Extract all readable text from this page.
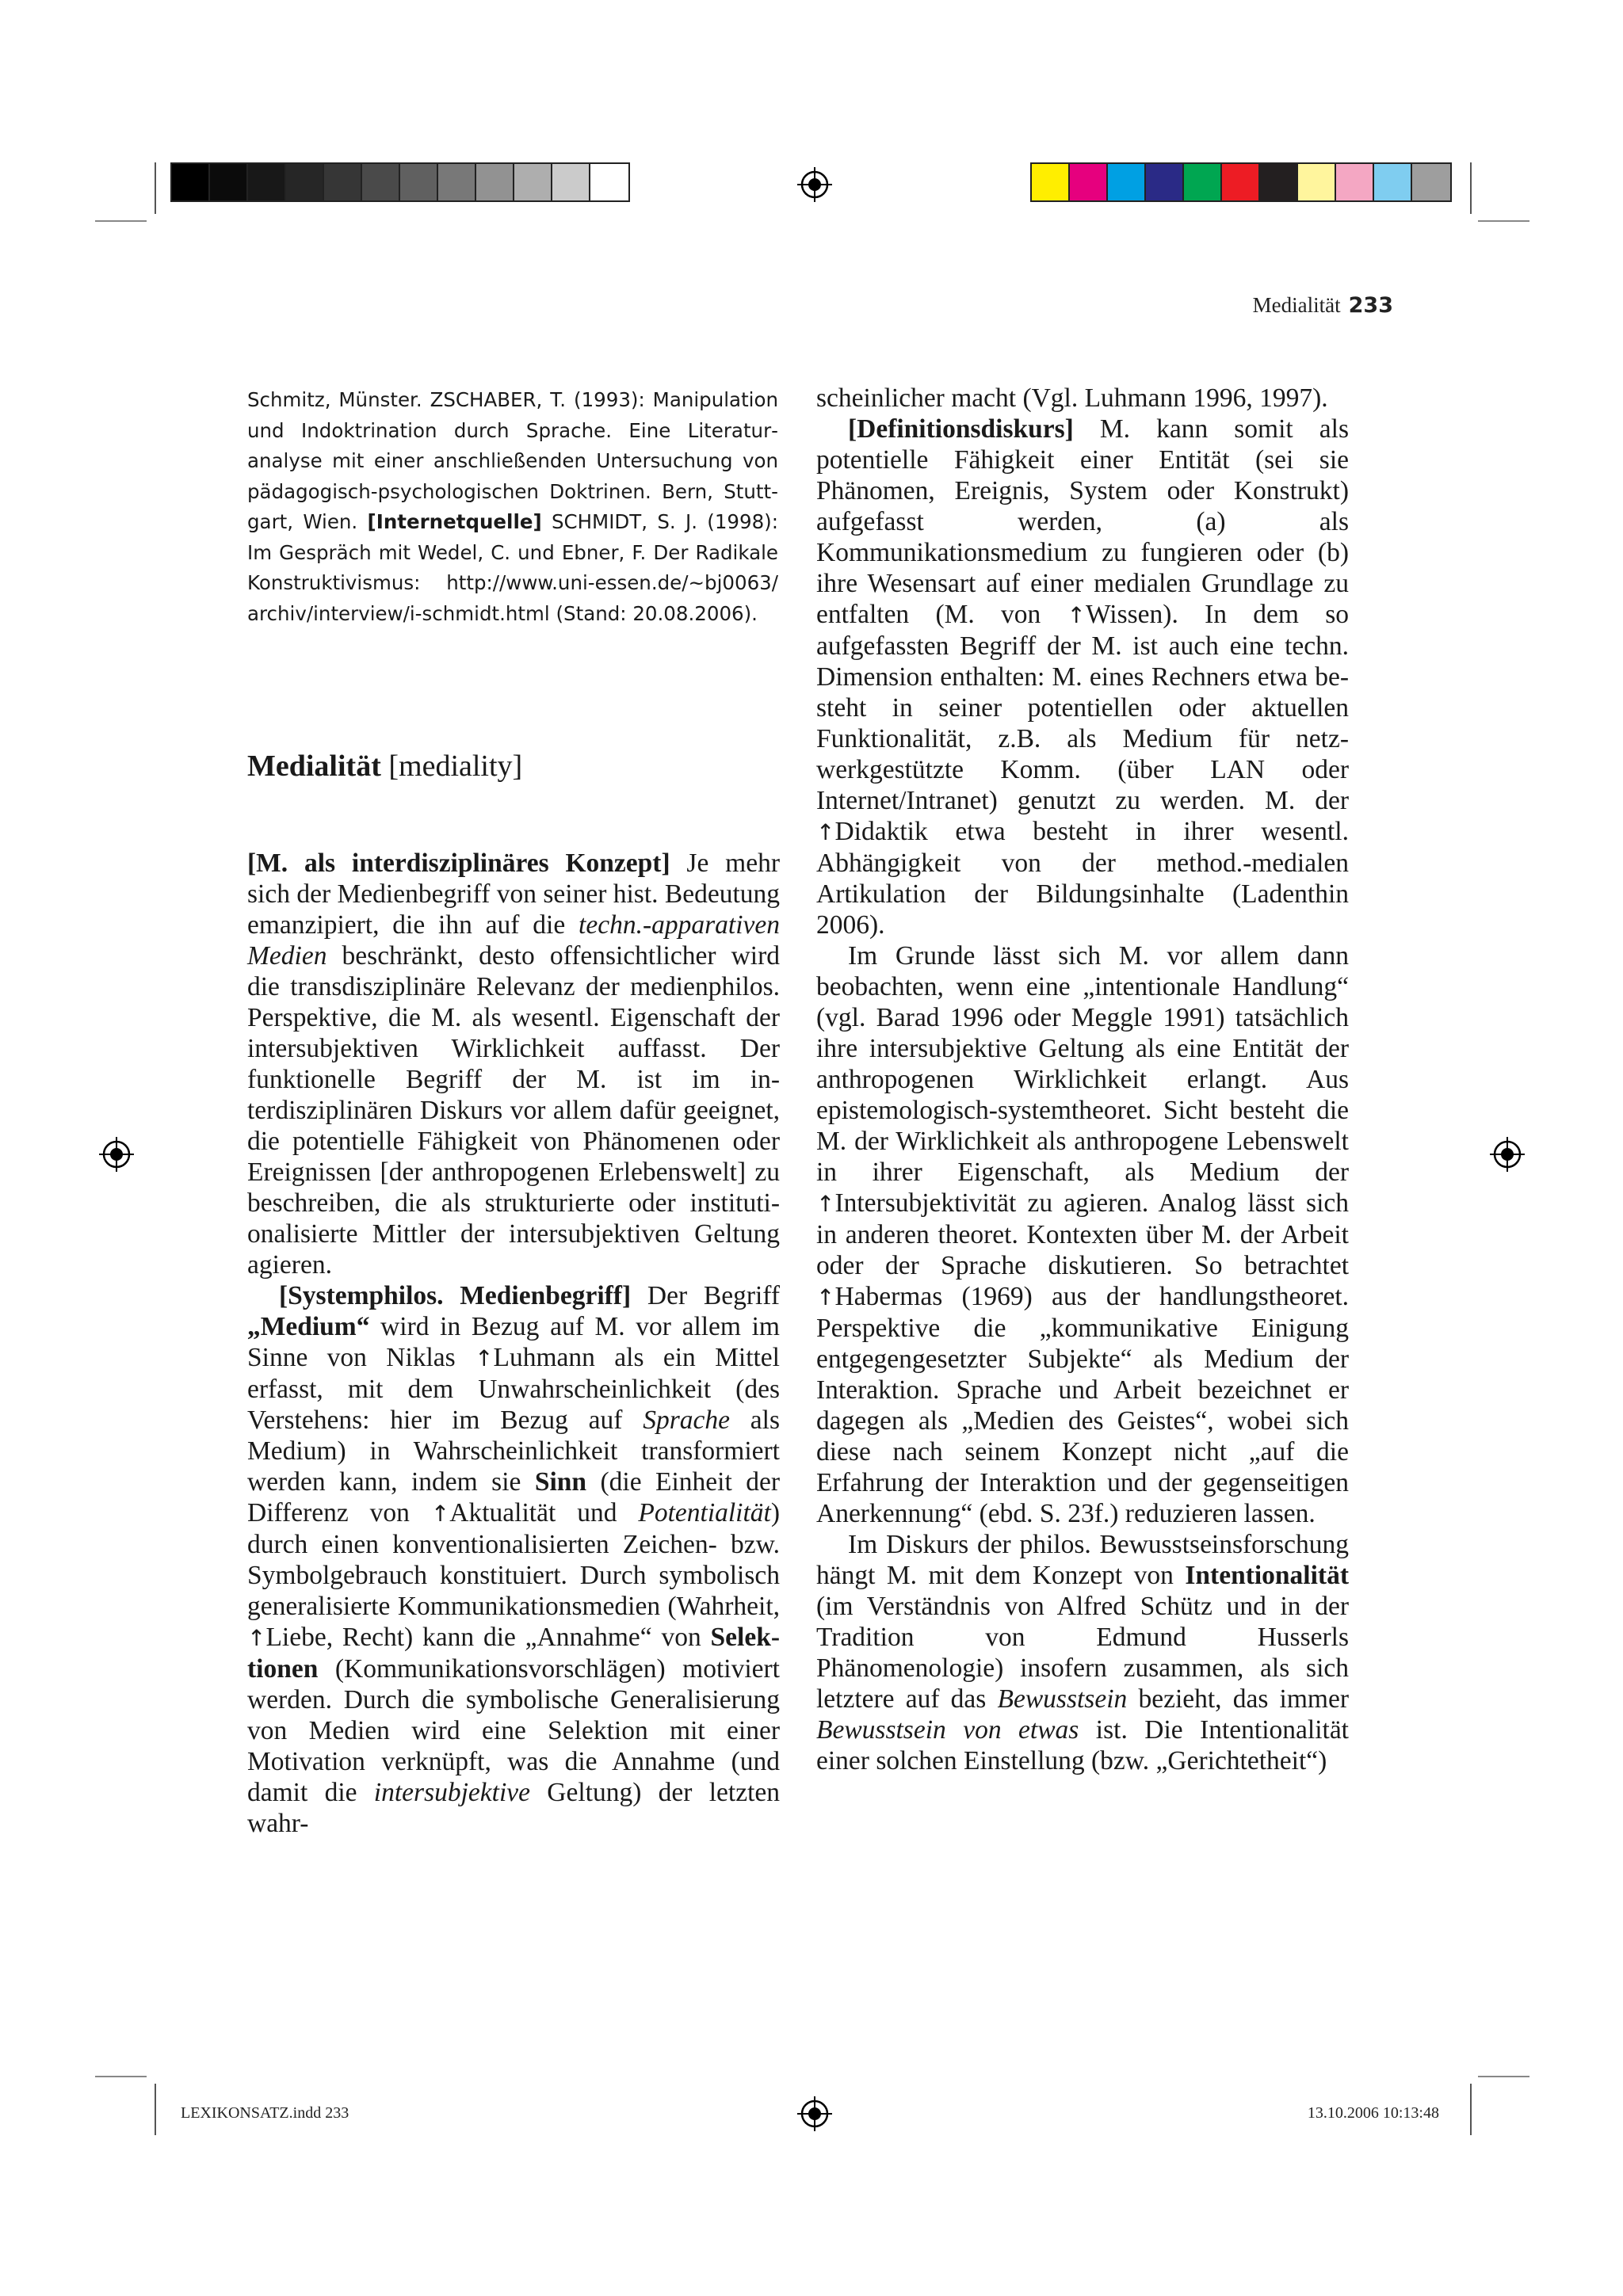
Medialität 233
Schmitz, Münster. ZSCHABER, T. (1993): Manipulation und Indoktrination durch Sprache. Eine Literaturanalyse mit einer anschließenden Untersuchung von pädagogisch-psychologischen Doktrinen. Bern, Stuttgart, Wien. [Internetquelle] SCHMIDT, S. J. (1998): Im Gespräch mit Wedel, C. und Ebner, F. Der Radikale Konstruktivismus: http://www.uni-essen.de/~bj0063/ archiv/interview/i-schmidt.html (Stand: 20.08.2006).
Medialität [mediality]

[M. als interdisziplinäres Konzept] Je mehr sich der Medienbegriff von seiner hist. Bedeutung emanzipiert, die ihn auf die techn.-apparativen Medien beschränkt, desto offensichtlicher wird die transdisziplinäre Relevanz der medienphilos. Perspektive, die M. als wesentl. Eigenschaft der intersubjektiven Wirklichkeit auffasst. Der funktionelle Begriff der M. ist im interdisziplinären Diskurs vor allem dafür geeignet, die potentielle Fähigkeit von Phänomenen oder Ereignissen [der anthropogenen Erlebenswelt] zu beschreiben, die als strukturierte oder institutionalisierte Mittler der intersubjektiven Geltung agieren.

[Systemphilos. Medienbegriff] Der Begriff „Medium“ wird in Bezug auf M. vor allem im Sinne von Niklas ↑Luhmann als ein Mittel erfasst, mit dem Unwahrscheinlichkeit (des Verstehens: hier im Bezug auf Sprache als Medium) in Wahrscheinlichkeit transformiert werden kann, indem sie Sinn (die Einheit der Differenz von ↑Aktualität und Potentialität) durch einen konventionalisierten Zeichen- bzw. Symbolgebrauch konstituiert. Durch symbolisch generalisierte Kommunikationsmedien (Wahrheit, ↑Liebe, Recht) kann die „Annahme“ von Selektionen (Kommunikationsvorschlägen) motiviert werden. Durch die symbolische Generalisierung von Medien wird eine Selektion mit einer Motivation verknüpft, was die Annahme (und damit die intersubjektive Geltung) der letzten wahr-

scheinlicher macht (Vgl. Luhmann 1996, 1997).

[Definitionsdiskurs] M. kann somit als potentielle Fähigkeit einer Entität (sei sie Phänomen, Ereignis, System oder Konstrukt) aufgefasst werden, (a) als Kommunikationsmedium zu fungieren oder (b) ihre Wesensart auf einer medialen Grundlage zu entfalten (M. von ↑Wissen). In dem so aufgefassten Begriff der M. ist auch eine techn. Dimension enthalten: M. eines Rechners etwa besteht in seiner potentiellen oder aktuellen Funktionalität, z.B. als Medium für netzwerkgestützte Komm. (über LAN oder Internet/Intranet) genutzt zu werden. M. der ↑Didaktik etwa besteht in ihrer wesentl. Abhängigkeit von der method.-medialen Artikulation der Bildungsinhalte (Ladenthin 2006).

Im Grunde lässt sich M. vor allem dann beobachten, wenn eine „intentionale Handlung“ (vgl. Barad 1996 oder Meggle 1991) tatsächlich ihre intersubjektive Geltung als eine Entität der anthropogenen Wirklichkeit erlangt. Aus epistemologisch-systemtheoret. Sicht besteht die M. der Wirklichkeit als anthropogene Lebenswelt in ihrer Eigenschaft, als Medium der ↑Intersubjektivität zu agieren. Analog lässt sich in anderen theoret. Kontexten über M. der Arbeit oder der Sprache diskutieren. So betrachtet ↑Habermas (1969) aus der handlungstheoret. Perspektive die „kommunikative Einigung entgegengesetzter Subjekte“ als Medium der Interaktion. Sprache und Arbeit bezeichnet er dagegen als „Medien des Geistes“, wobei sich diese nach seinem Konzept nicht „auf die Erfahrung der Interaktion und der gegenseitigen Anerkennung“ (ebd. S. 23f.) reduzieren lassen.

Im Diskurs der philos. Bewusstseinsforschung hängt M. mit dem Konzept von Intentionalität (im Verständnis von Alfred Schütz und in der Tradition von Edmund Husserls Phänomenologie) insofern zusammen, als sich letztere auf das Bewusstsein bezieht, das immer Bewusstsein von etwas ist. Die Intentionalität einer solchen Einstellung (bzw. „Gerichtetheit“)

LEXIKONSATZ.indd 233	13.10.2006 10:13:48
